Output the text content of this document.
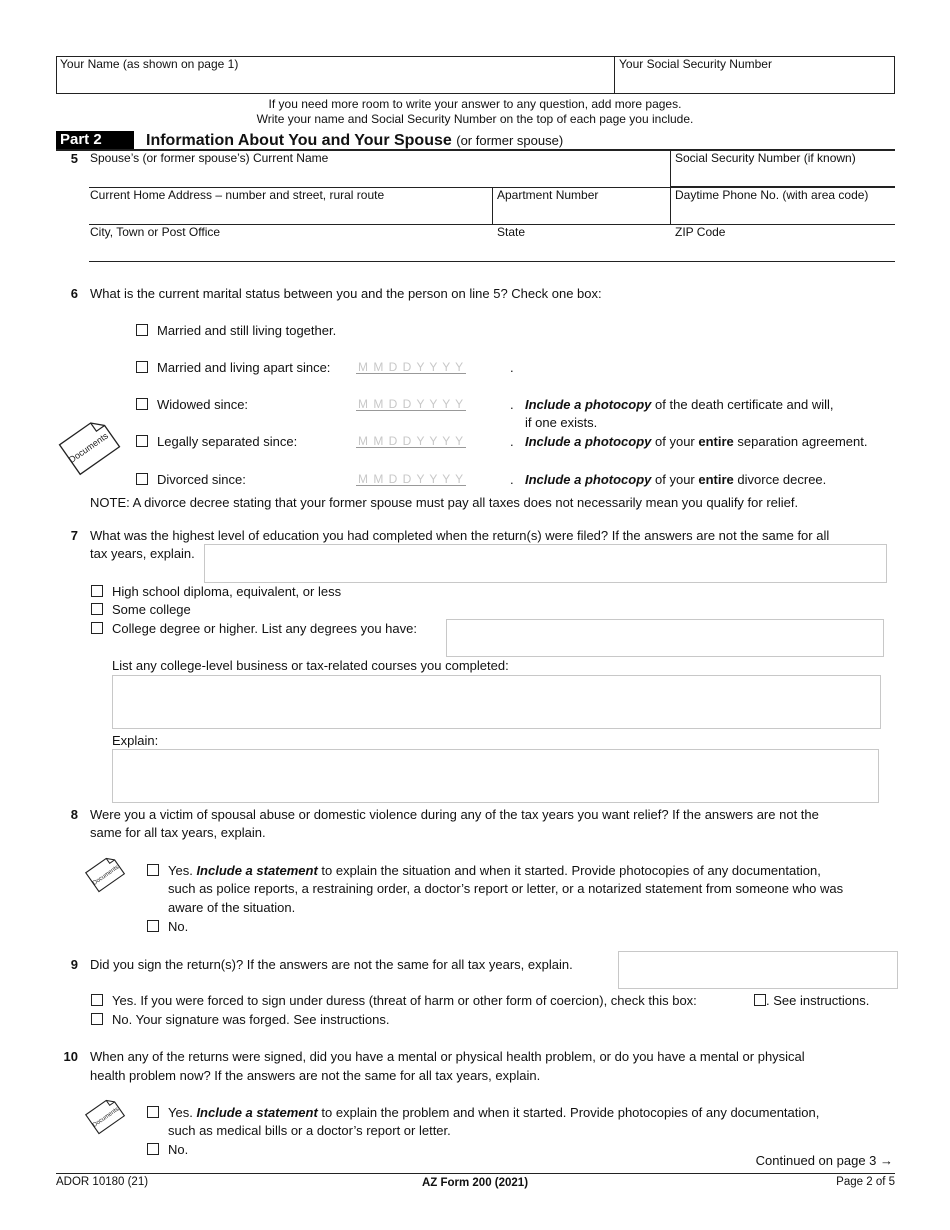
Your Name (as shown on page 1)	Your Social Security Number
If you need more room to write your answer to any question, add more pages.
Write your name and Social Security Number on the top of each page you include.
Part 2	Information About You and Your Spouse (or former spouse)
5 Spouse’s (or former spouse’s) Current Name	Social Security Number (if known)
Current Home Address – number and street, rural route	Apartment Number	Daytime Phone No. (with area code)
City, Town or Post Office	State	ZIP Code
6 What is the current marital status between you and the person on line 5? Check one box:
Married and still living together.
Married and living apart since: M M D D Y Y Y Y	.
Widowed since:	M M D D Y Y Y Y	. Include a photocopy of the death certificate and will,
if one exists.
Documents	Legally separated since:	M M D D Y Y Y Y	. Include a photocopy of your entire separation agreement.
Divorced since:	M M D D Y Y Y Y	. Include a photocopy of your entire divorce decree.
NOTE: A divorce decree stating that your former spouse must pay all taxes does not necessarily mean you qualify for relief.
7 What was the highest level of education you had completed when the return(s) were filed? If the answers are not the same for all
tax years, explain.
High school diploma, equivalent, or less
Some college
College degree or higher. List any degrees you have:
List any college-level business or tax-related courses you completed:
Explain:
8 Were you a victim of spousal abuse or domestic violence during any of the tax years you want relief? If the answers are not the
same for all tax years, explain.
Documents	Yes. Include a statement to explain the situation and when it started. Provide photocopies of any documentation,
such as police reports, a restraining order, a doctor’s report or letter, or a notarized statement from someone who was
aware of the situation.
No.
9 Did you sign the return(s)? If the answers are not the same for all tax years, explain.
Yes. If you were forced to sign under duress (threat of harm or other form of coercion), check this box:	. See instructions.
No. Your signature was forged. See instructions.
10 When any of the returns were signed, did you have a mental or physical health problem, or do you have a mental or physical
health problem now? If the answers are not the same for all tax years, explain.
Documents	Yes. Include a statement to explain the problem and when it started. Provide photocopies of any documentation,
such as medical bills or a doctor’s report or letter.
No.
Continued on page 3 →
ADOR 10180 (21)	AZ Form 200 (2021)	Page 2 of 5
